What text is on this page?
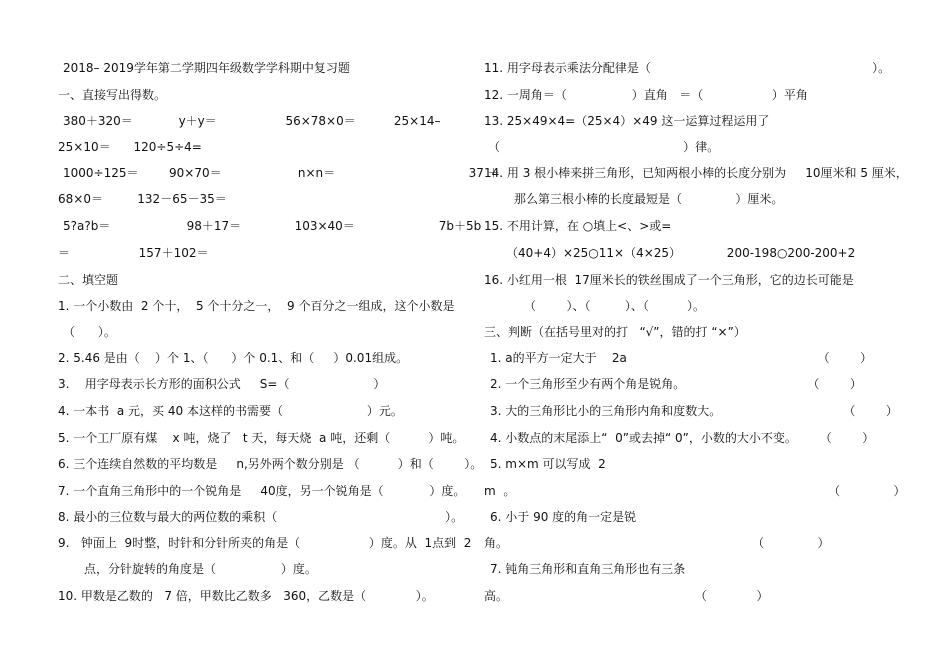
2018– 2019学年第二学期四年级数学学科期中复习题
一、直接写出得数。
380＋320＝            y＋y＝                  56×78×0＝          25×14–
25×10＝      120÷5÷4=
1000÷125＝        90×70＝                    n×n＝                                   37 ＋
68×0＝         132－65－35＝
5?a?b＝                    98＋17＝              103×40＝                      7b＋5b
＝                  157＋102＝
二、填空题
1. 一个小数由  2 个十，  5 个十分之一，  9 个百分之一组成，这个小数是
（      ）。
2. 5.46 是由（    ）个 1、（      ）个 0.1、和（     ）0.01组成。
3.    用字母表示长方形的面积公式     S=（                      ）
4. 一本书  a 元，买 40 本这样的书需要（                      ）元。
5. 一个工厂原有煤    x 吨，烧了   t 天，每天烧  a 吨，还剩（          ）吨。
6. 三个连续自然数的平均数是     n,另外两个数分别是 （          ）和（        ）。
7. 一个直角三角形中的一个锐角是     40度，另一个锐角是（            ）度。
8. 最小的三位数与最大的两位数的乘积（                                            ）。
9.   钟面上  9时整，时针和分针所夹的角是（                  ）度。从  1点到  2
点，分针旋转的角度是（                 ）度。
10. 甲数是乙数的   7 倍，甲数比乙数多   360，乙数是（             ）。
11. 用字母表示乘法分配律是（                                                          ）。
12. 一周角＝（                 ）直角   ＝（                  ）平角
13. 25×49×4=（25×4）×49 这一运算过程运用了
（                                                ）律。
14. 用 3 根小棒来拼三角形，已知两根小棒的长度分别为     10厘米和 5 厘米，
那么第三根小棒的长度最短是（              ）厘米。
15. 不用计算，在 ○填上<、>或=
（40+4）×25○11×（4×25）            200-198○200-200+2
16. 小红用一根  17厘米长的铁丝围成了一个三角形，它的边长可能是
（        ）、（         ）、（          ）。
三、判断（在括号里对的打   “√”，错的打 “×”）
1. a的平方一定大于    2a                                                  （        ）
2. 一个三角形至少有两个角是锐角。                                （        ）
3. 大的三角形比小的三角形内角和度数大。                                （        ）
4. 小数点的末尾添上“  0”或去掉“ 0”，小数的大小不变。      （        ）
5. m×m 可以写成  2
m  。                                                                                  （              ）
6. 小于 90 度的角一定是锐
角。                                                                （              ）
7. 钝角三角形和直角三角形也有三条
高。                                                 （             ）
